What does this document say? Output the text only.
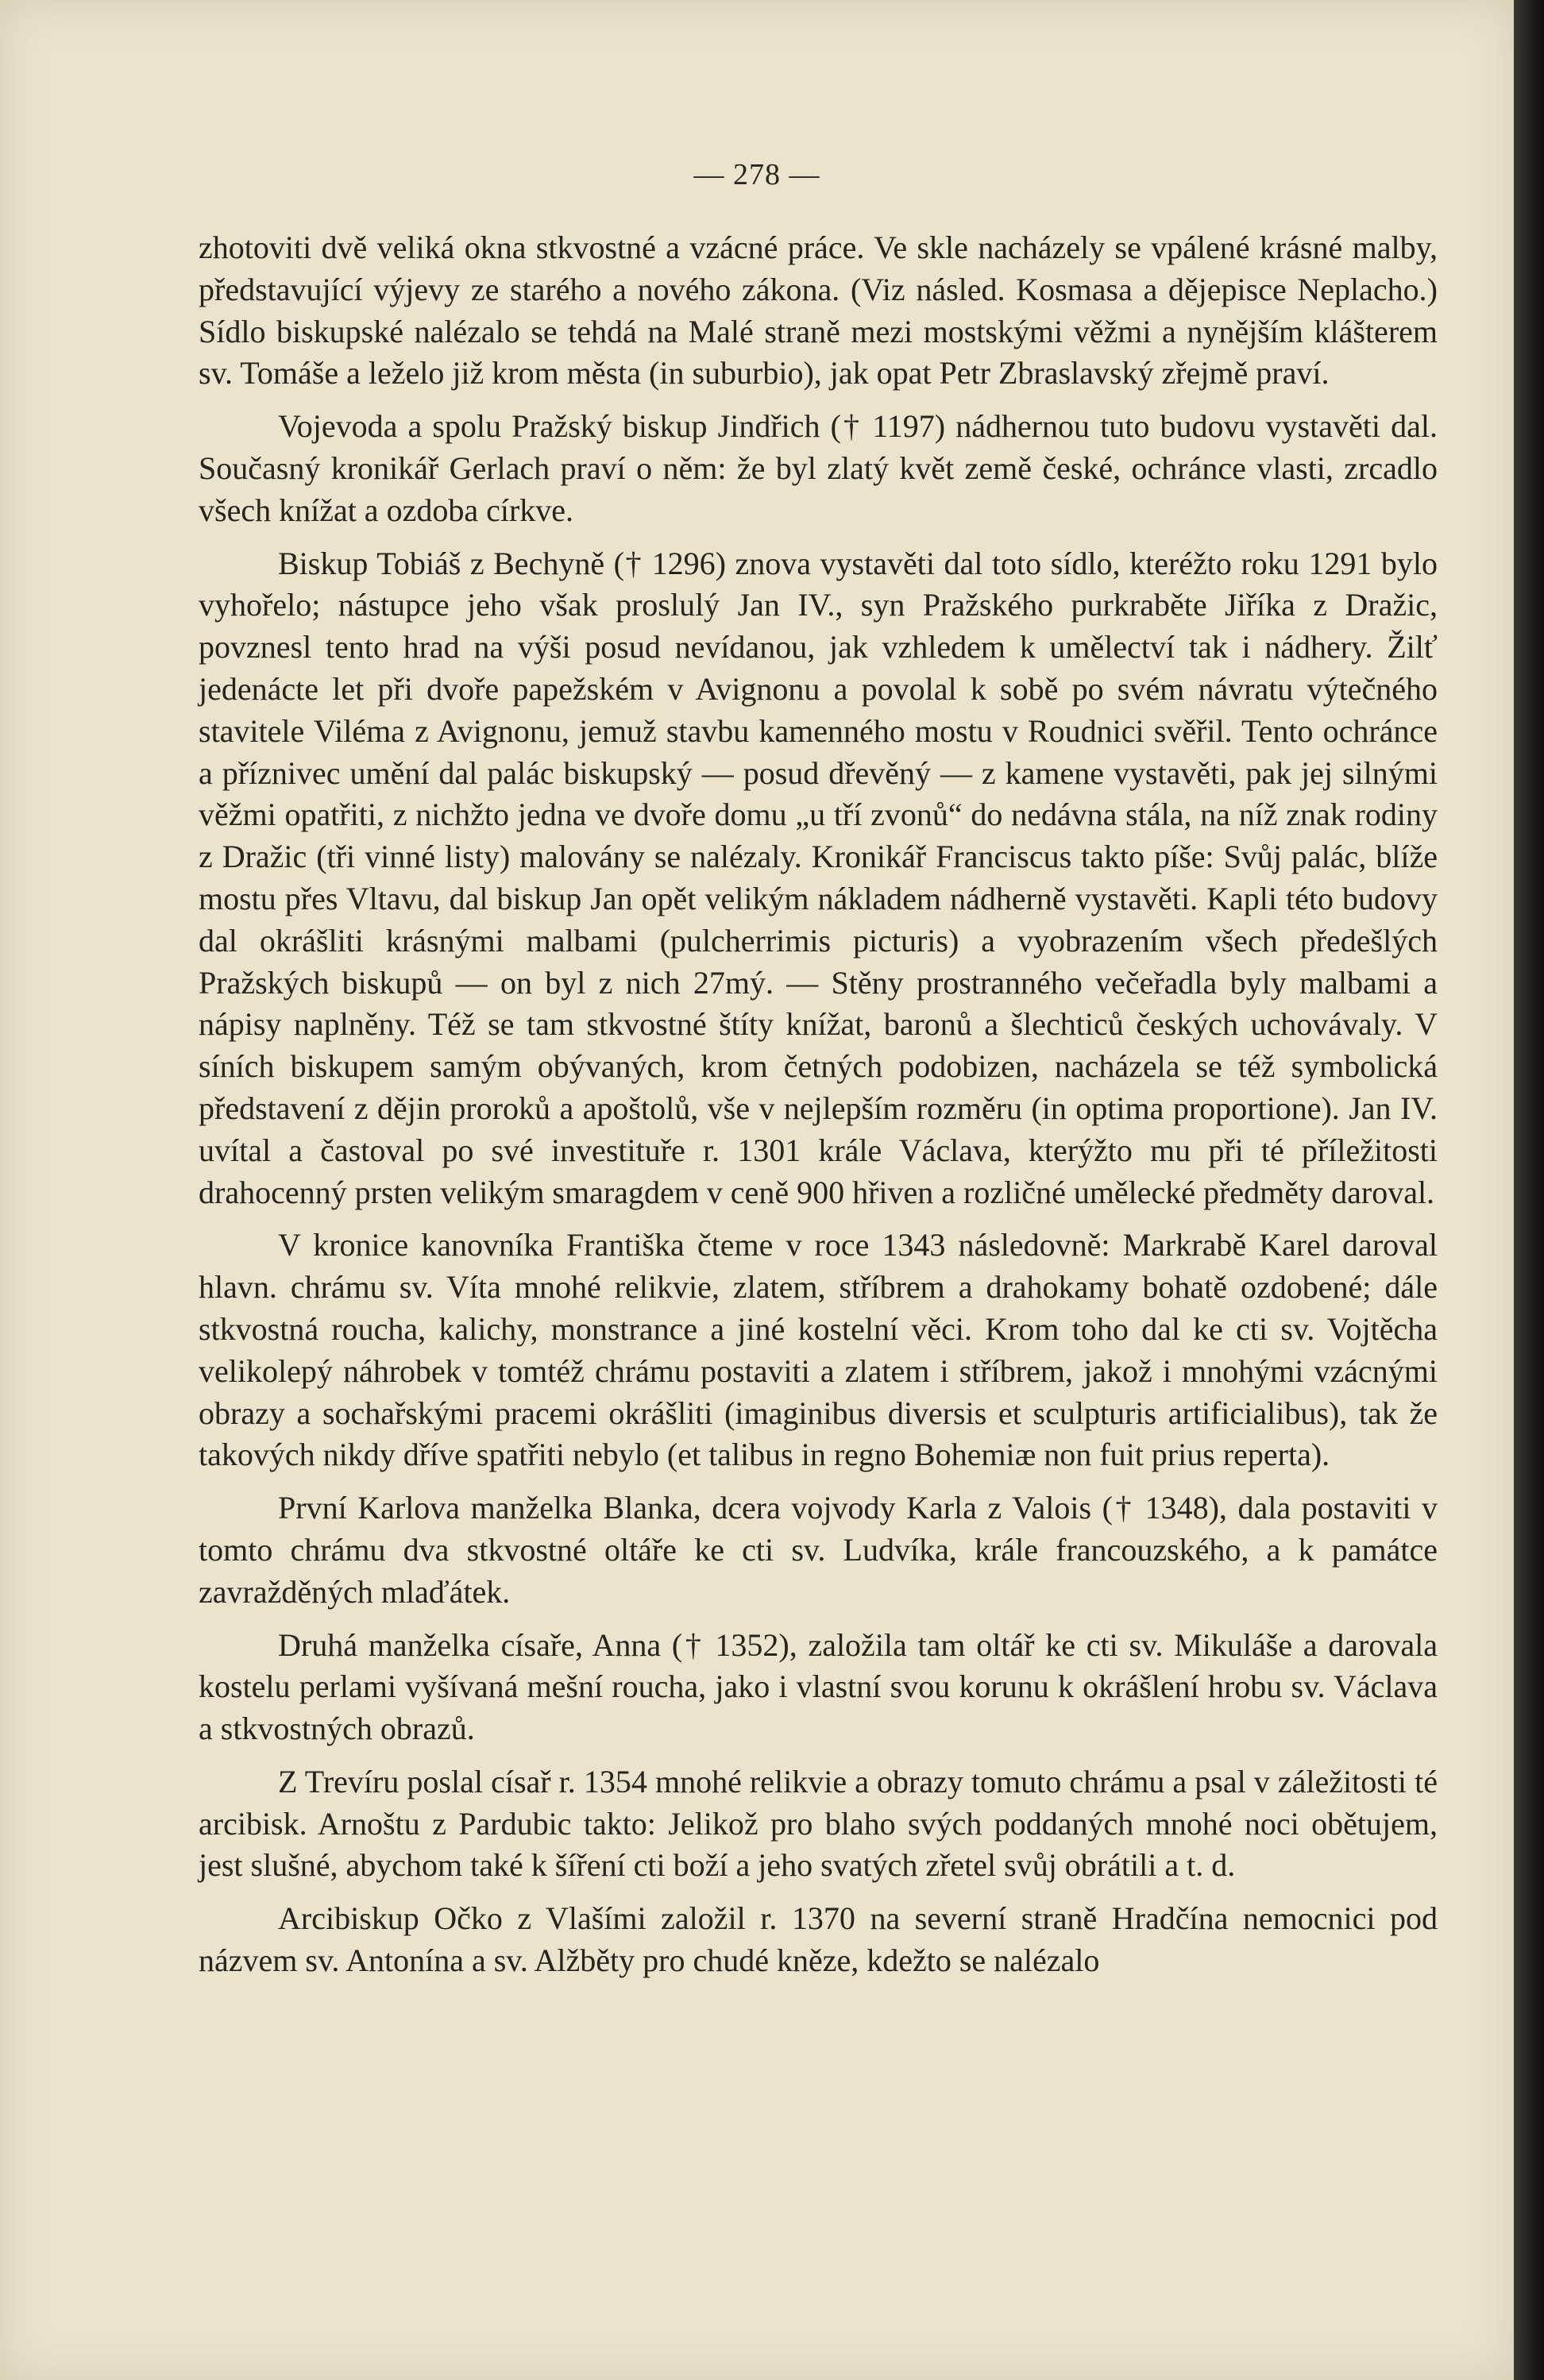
— 278 —

zhotoviti dvě veliká okna stkvostné a vzácné práce. Ve skle nacházely se vpálené krásné malby, představující výjevy ze starého a nového zákona. (Viz násled. Kosmasa a dějepisce Neplacho.) Sídlo biskupské nalézalo se tehdá na Malé straně mezi mostskými věžmi a nynějším klášterem sv. Tomáše a leželo již krom města (in suburbio), jak opat Petr Zbraslavský zřejmě praví.

Vojevoda a spolu Pražský biskup Jindřich († 1197) nádhernou tuto budovu vystavěti dal. Současný kronikář Gerlach praví o něm: že byl zlatý květ země české, ochránce vlasti, zrcadlo všech knížat a ozdoba církve.

Biskup Tobiáš z Bechyně († 1296) znova vystavěti dal toto sídlo, kteréžto roku 1291 bylo vyhořelo; nástupce jeho však proslulý Jan IV., syn Pražského purkraběte Jiříka z Dražic, povznesl tento hrad na výši posud nevídanou, jak vzhledem k umělectví tak i nádhery. Žilť jedenácte let při dvoře papežském v Avignonu a povolal k sobě po svém návratu výtečného stavitele Viléma z Avignonu, jemuž stavbu kamenného mostu v Roudnici svěřil. Tento ochránce a příznivec umění dal palác biskupský — posud dřevěný — z kamene vystavěti, pak jej silnými věžmi opatřiti, z nichžto jedna ve dvoře domu „u tří zvonů“ do nedávna stála, na níž znak rodiny z Dražic (tři vinné listy) malovány se nalézaly. Kronikář Franciscus takto píše: Svůj palác, blíže mostu přes Vltavu, dal biskup Jan opět velikým nákladem nádherně vystavěti. Kapli této budovy dal okrášliti krásnými malbami (pulcherrimis picturis) a vyobrazením všech předešlých Pražských biskupů — on byl z nich 27mý. — Stěny prostranného večeřadla byly malbami a nápisy naplněny. Též se tam stkvostné štíty knížat, baronů a šlechticů českých uchovávaly. V síních biskupem samým obývaných, krom četných podobizen, nacházela se též symbolická představení z dějin proroků a apoštolů, vše v nejlepším rozměru (in optima proportione). Jan IV. uvítal a častoval po své investituře r. 1301 krále Václava, kterýžto mu při té příležitosti drahocenný prsten velikým smaragdem v ceně 900 hřiven a rozličné umělecké předměty daroval.

V kronice kanovníka Františka čteme v roce 1343 následovně: Markrabě Karel daroval hlavn. chrámu sv. Víta mnohé relikvie, zlatem, stříbrem a drahokamy bohatě ozdobené; dále stkvostná roucha, kalichy, monstrance a jiné kostelní věci. Krom toho dal ke cti sv. Vojtěcha velikolepý náhrobek v tomtéž chrámu postaviti a zlatem i stříbrem, jakož i mnohými vzácnými obrazy a sochařskými pracemi okrášliti (imaginibus diversis et sculpturis artificialibus), tak že takových nikdy dříve spatřiti nebylo (et talibus in regno Bohemiæ non fuit prius reperta).

První Karlova manželka Blanka, dcera vojvody Karla z Valois († 1348), dala postaviti v tomto chrámu dva stkvostné oltáře ke cti sv. Ludvíka, krále francouzského, a k památce zavražděných mlaďátek.

Druhá manželka císaře, Anna († 1352), založila tam oltář ke cti sv. Mikuláše a darovala kostelu perlami vyšívaná mešní roucha, jako i vlastní svou korunu k okrášlení hrobu sv. Václava a stkvostných obrazů.

Z Trevíru poslal císař r. 1354 mnohé relikvie a obrazy tomuto chrámu a psal v záležitosti té arcibisk. Arnoštu z Pardubic takto: Jelikož pro blaho svých poddaných mnohé noci obětujem, jest slušné, abychom také k šíření cti boží a jeho svatých zřetel svůj obrátili a t. d.

Arcibiskup Očko z Vlašími založil r. 1370 na severní straně Hradčína nemocnici pod názvem sv. Antonína a sv. Alžběty pro chudé kněze, kdežto se nalézalo
